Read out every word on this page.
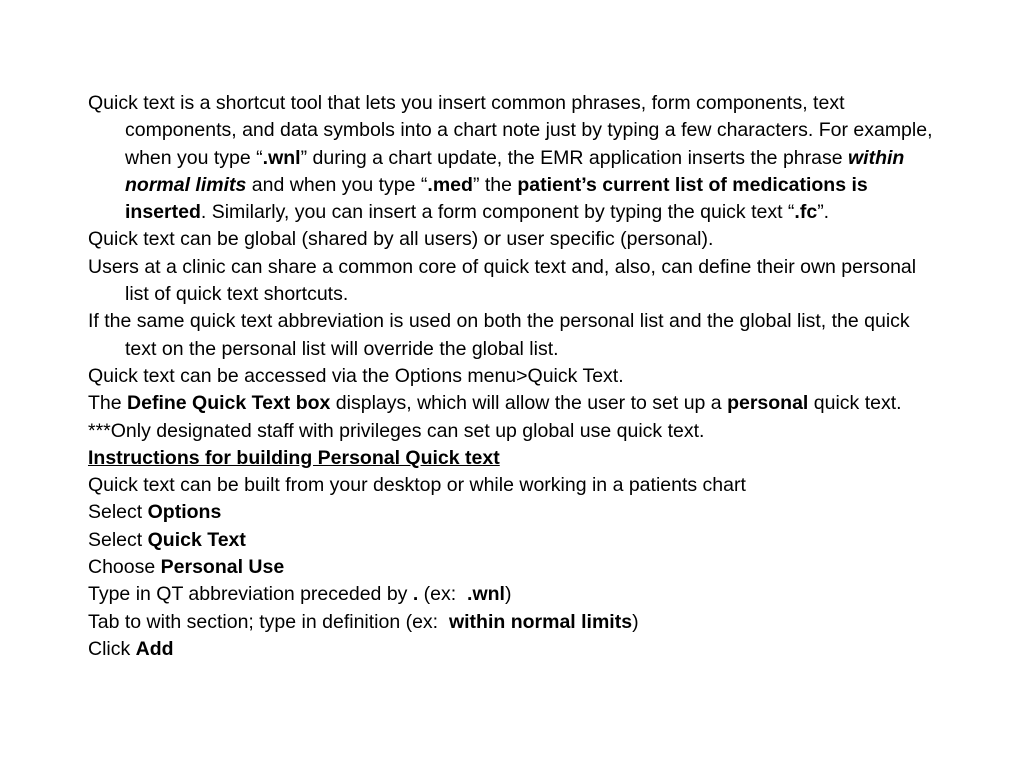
Quick text is a shortcut tool that lets you insert common phrases, form components, text components, and data symbols into a chart note just by typing a few characters. For example, when you type “.wnl” during a chart update, the EMR application inserts the phrase within normal limits and when you type “.med” the patient’s current list of medications is inserted. Similarly, you can insert a form component by typing the quick text “.fc”.

Quick text can be global (shared by all users) or user specific (personal).

Users at a clinic can share a common core of quick text and, also, can define their own personal list of quick text shortcuts.

If the same quick text abbreviation is used on both the personal list and the global list, the quick text on the personal list will override the global list.

Quick text can be accessed via the Options menu>Quick Text.

The Define Quick Text box displays, which will allow the user to set up a personal quick text.

***Only designated staff with privileges can set up global use quick text.

Instructions for building Personal Quick text

Quick text can be built from your desktop or while working in a patients chart

Select Options

Select Quick Text

Choose Personal Use

Type in QT abbreviation preceded by . (ex:  .wnl)

Tab to with section; type in definition (ex:  within normal limits)

Click Add
